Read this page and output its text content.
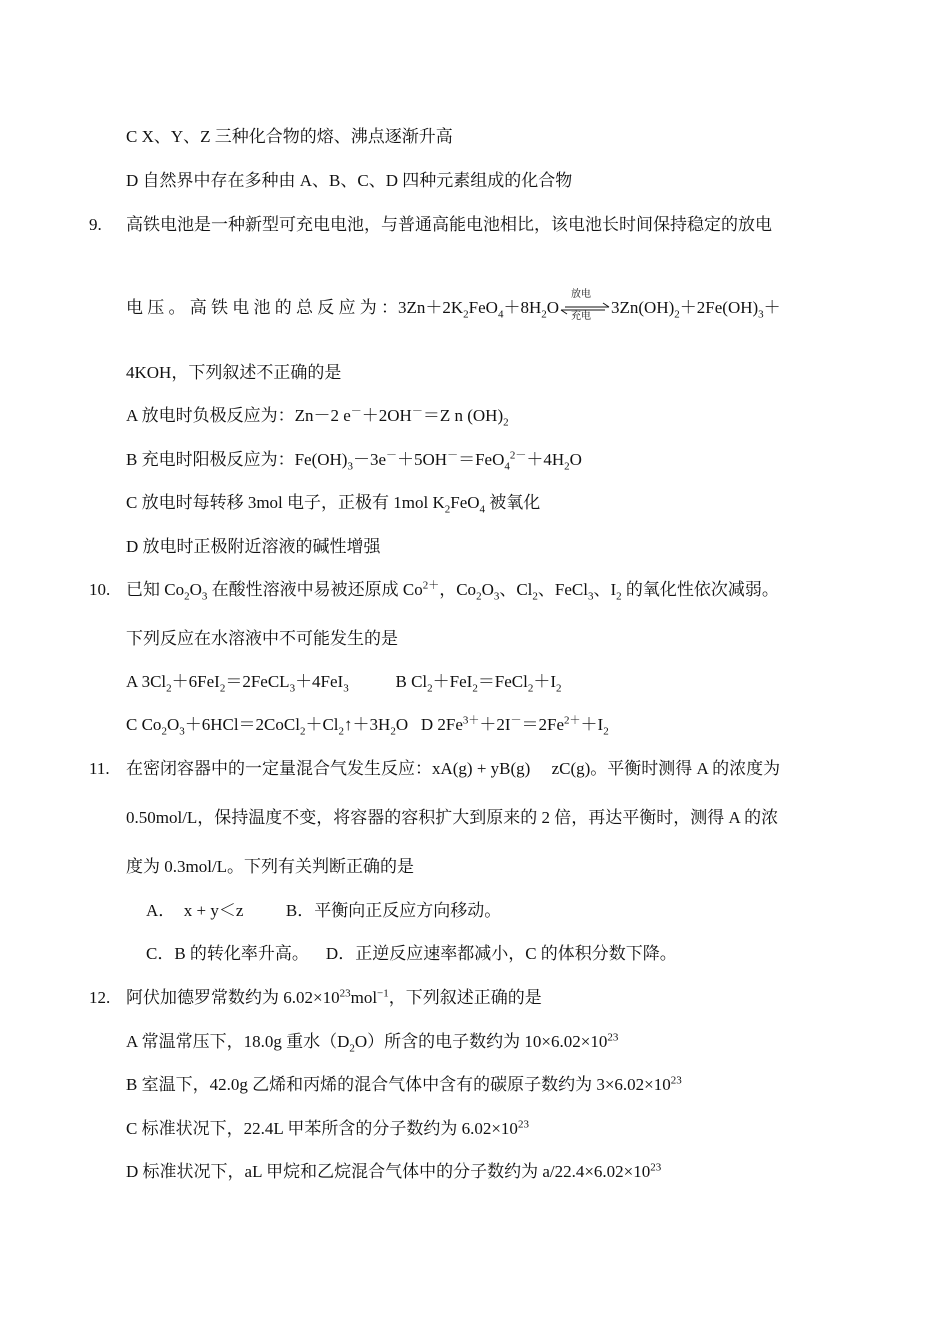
C X、Y、Z 三种化合物的熔、沸点逐渐升高
D 自然界中存在多种由 A、B、C、D 四种元素组成的化合物
9. 高铁电池是一种新型可充电电池，与普通高能电池相比，该电池长时间保持稳定的放电
电 压 。 高 铁 电 池 的 总 反 应 为 ：$3Zn+2K_2FeO_4+8H_2O$
放电
充电 $3Zn(OH)_2+2Fe(OH)_3+$
4KOH，下列叙述不正确的是
A 放电时负极反应为：Zn－2 e－＋2OH－＝Z n $(OH)_2$
B 充电时阳极反应为：$Fe(OH)_3-3e^-+5OH^-=FeO_4^{2-}+4H_2O$
C 放电时每转移 3mol 电子，正极有 1mol $K_2FeO_4$ 被氧化
D 放电时正极附近溶液的碱性增强
10. 已知 $Co_2O_3$ 在酸性溶液中易被还原成 $Co^{2+}$，$Co_2O_3$、$Cl_2$、FeCl$_3$、$I_2$ 的氧化性依次减弱。
下列反应在水溶液中不可能发生的是
A $3Cl_2+6FeI_2=2FeCL_3+4FeI_3$           B $Cl_2+FeI_2=FeCl_2+I_2$
C $Co_2O_3+6HCl=2CoCl_2+Cl_2↑+3H_2O$   D $2Fe^{3+}+2I^-=2Fe^{2+}+I_2$
11. 在密闭容器中的一定量混合气发生反应：xA(g) + yB(g)     zC(g)。平衡时测得 A 的浓度为
0.50mol/L，保持温度不变，将容器的容积扩大到原来的 2 倍，再达平衡时，测得 A 的浓
度为 0.3mol/L。下列有关判断正确的是
A．  x + y＜z          B．平衡向正反应方向移动。
C．B 的转化率升高。    D．正逆反应速率都减小，C 的体积分数下降。
12. 阿伏加德罗常数约为 $6.02\times 10^{23}mol^{-1}$，下列叙述正确的是
A 常温常压下，18.0g 重水$(D_2O)$所含的电子数约为 $10\times 6.02\times 10^{23}$
B 室温下，42.0g 乙烯和丙烯的混合气体中含有的碳原子数约为 $3\times 6.02\times 10^{23}$
C 标准状况下，22.4L 甲苯所含的分子数约为 $6.02\times 10^{23}$
D 标准状况下，aL 甲烷和乙烷混合气体中的分子数约为 $a/22.4\times 6.02\times 10^{23}$
